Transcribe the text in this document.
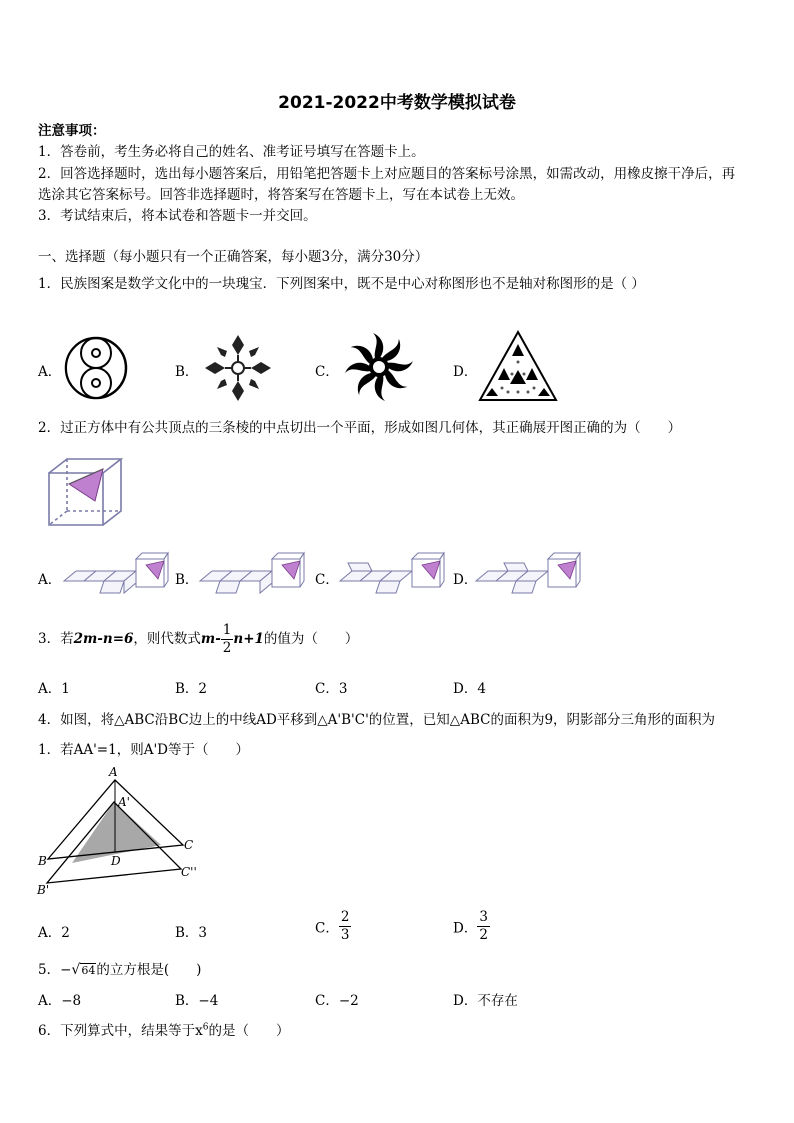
2021-2022中考数学模拟试卷
注意事项：
1．答卷前，考生务必将自己的姓名、准考证号填写在答题卡上。
2．回答选择题时，选出每小题答案后，用铅笔把答题卡上对应题目的答案标号涂黑，如需改动，用橡皮擦干净后，再
选涂其它答案标号。回答非选择题时，将答案写在答题卡上，写在本试卷上无效。
3．考试结束后，将本试卷和答题卡一并交回。
一、选择题（每小题只有一个正确答案，每小题3分，满分30分）
1．民族图案是数学文化中的一块瑰宝．下列图案中，既不是中心对称图形也不是轴对称图形的是（ ）
A．	B．	C．	D．
2．过正方体中有公共顶点的三条棱的中点切出一个平面，形成如图几何体，其正确展开图正确的为（　　）
A．	B．	C．	D．
3．若2m-n=6，则代数式$m- \frac{1}{2} n+1$的值为（　　）
A．1	B．2	C．3	D．4
4．如图，将△ABC沿BC边上的中线AD平移到△A'B'C'的位置，已知△ABC的面积为9，阴影部分三角形的面积为
1．若AA'=1，则A'D等于（　　）
A
A'
B	D
C
B'
C''
A．2	B．3	C． $\frac{2}{3}$	D． $\frac{3}{2}$
5．−√64的立方根是(　　)
A．−8	B．−4	C．−2	D．不存在
6．下列算式中，结果等于$x^6$的是（　　）
